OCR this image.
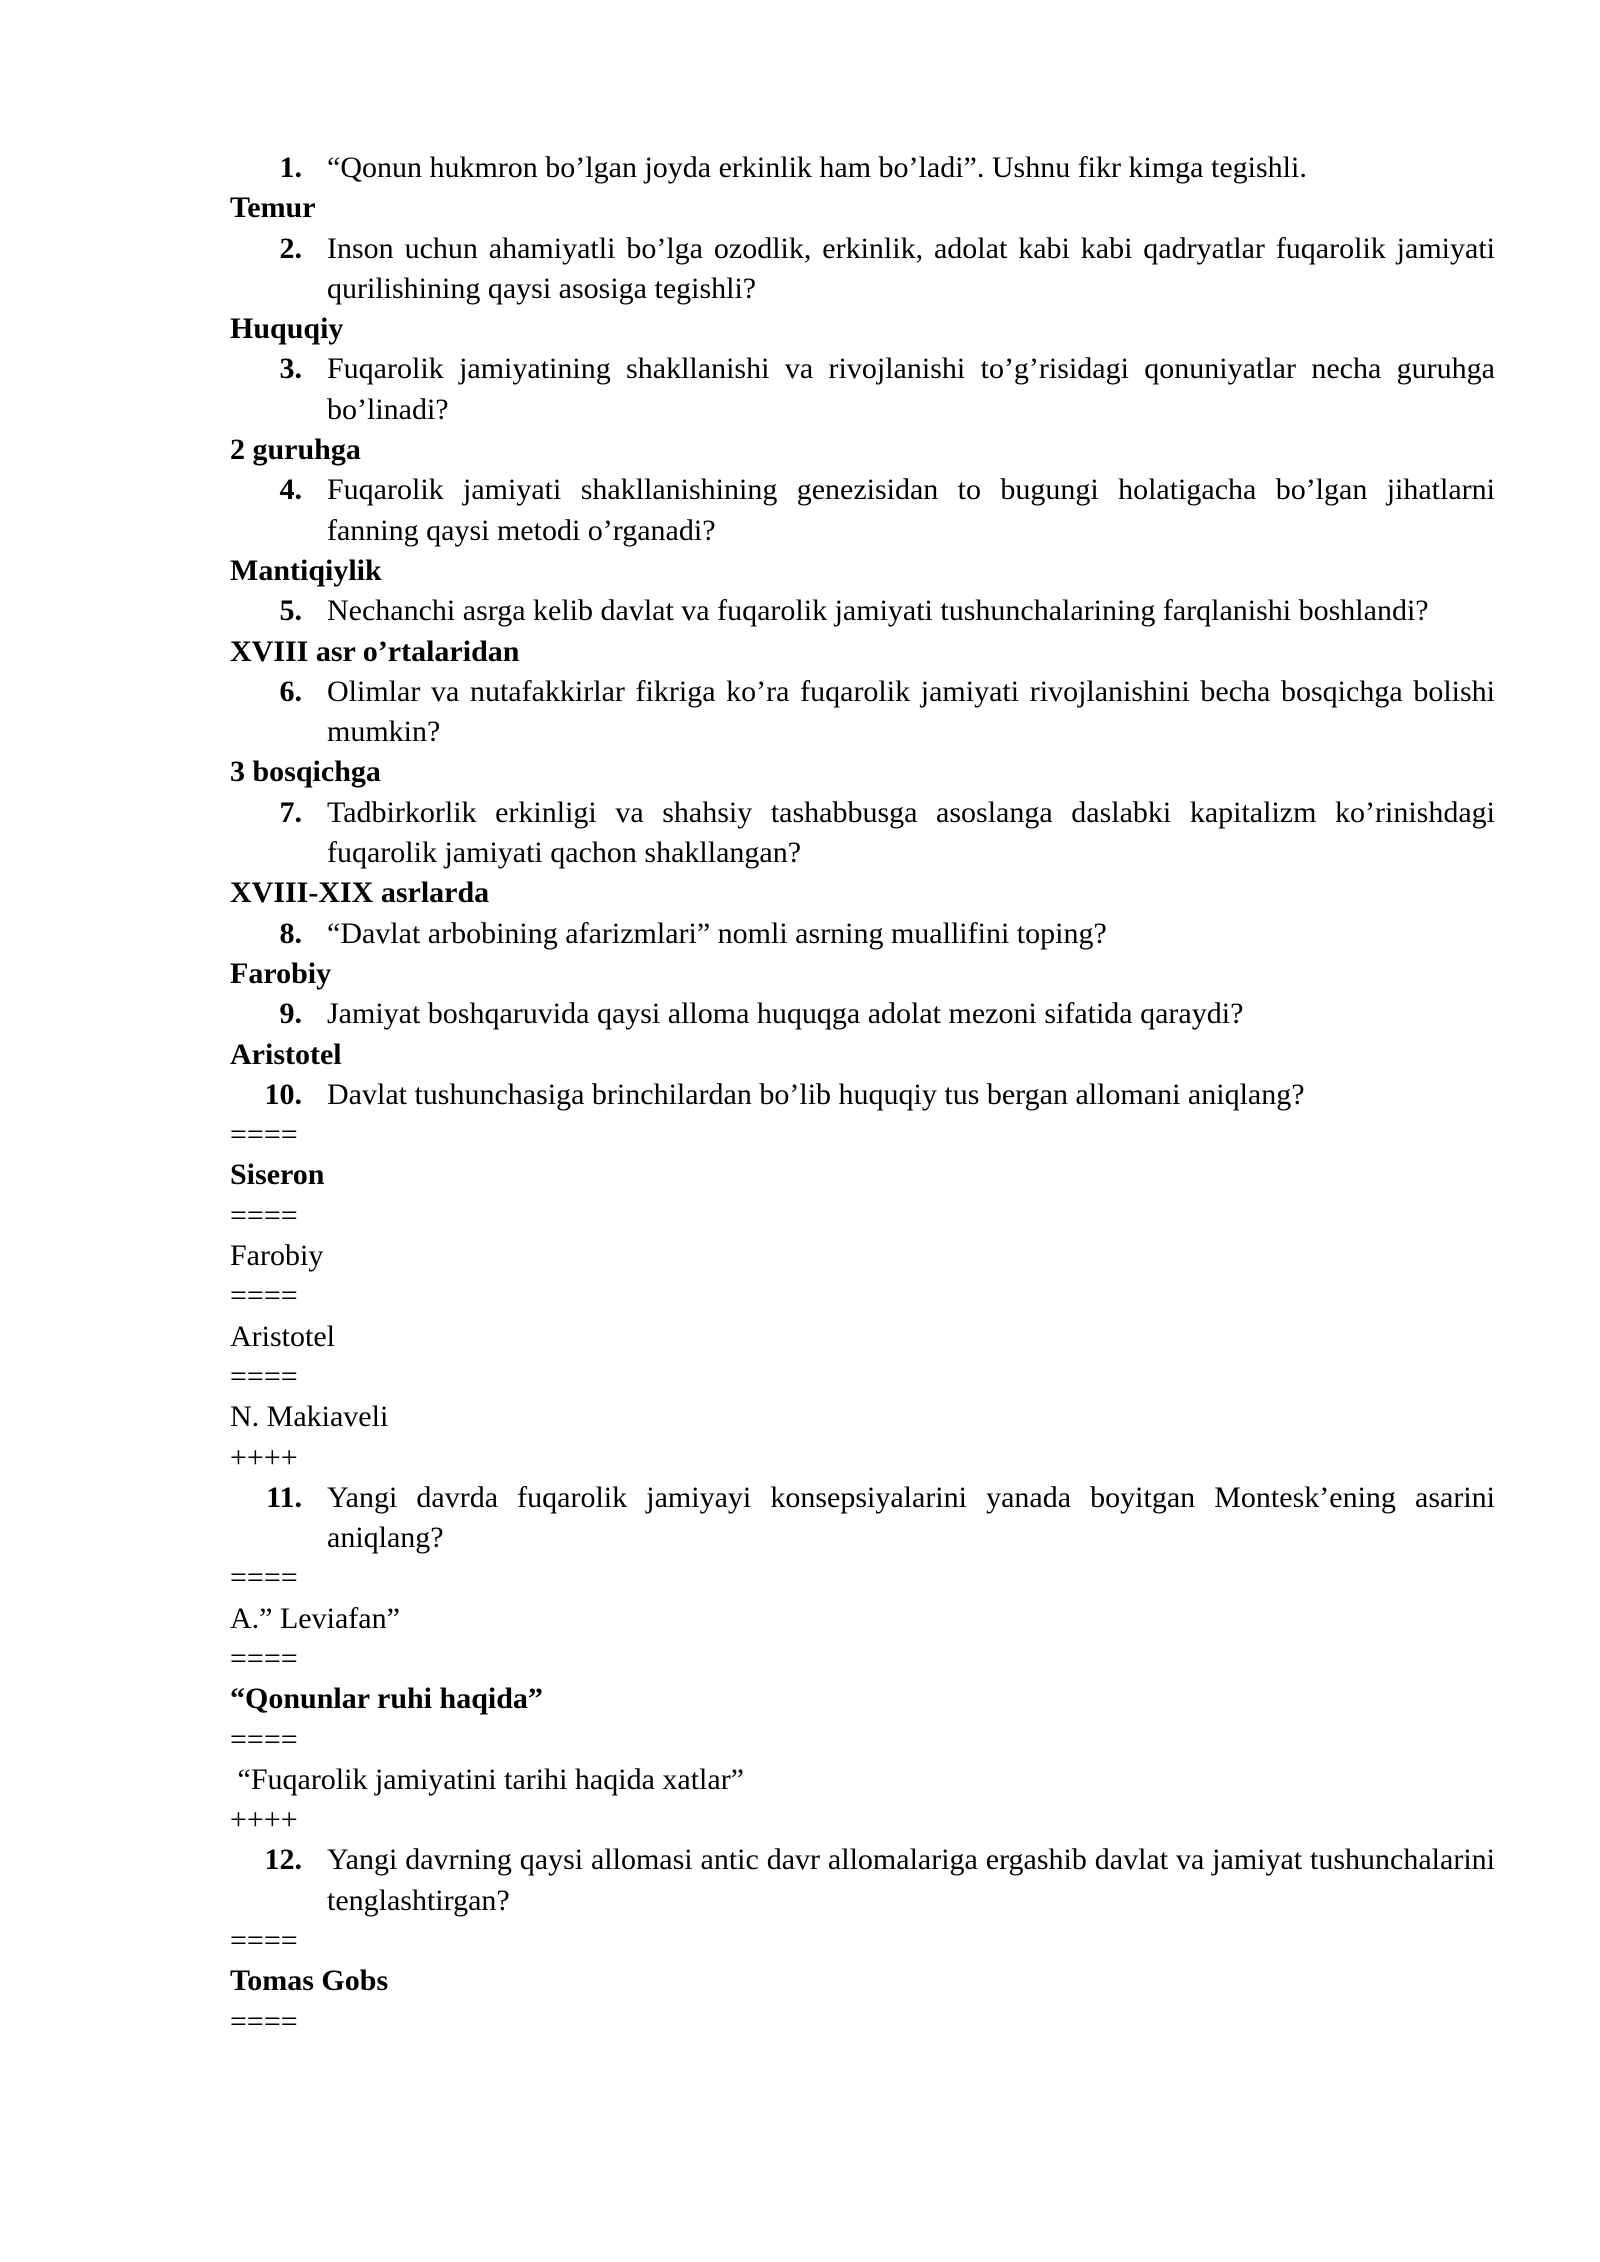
1. “Qonun hukmron bo’lgan joyda erkinlik ham bo’ladi”. Ushnu fikr kimga tegishli.
Temur
2. Inson uchun ahamiyatli bo’lga ozodlik, erkinlik, adolat kabi kabi qadryatlar fuqarolik jamiyati qurilishining qaysi asosiga tegishli?
Huquqiy
3. Fuqarolik jamiyatining shakllanishi va rivojlanishi to’g’risidagi qonuniyatlar necha guruhga bo’linadi?
2 guruhga
4. Fuqarolik jamiyati shakllanishining genezisidan to bugungi holatigacha bo’lgan jihatlarni fanning qaysi metodi o’rganadi?
Mantiqiylik
5. Nechanchi asrga kelib davlat va fuqarolik jamiyati tushunchalarining farqlanishi boshlandi?
XVIII asr o’rtalaridan
6. Olimlar va nutafakkirlar fikriga ko’ra fuqarolik jamiyati rivojlanishini becha bosqichga bolishi mumkin?
3 bosqichga
7. Tadbirkorlik erkinligi va shahsiy tashabbusga asoslanga daslabki kapitalizm ko’rinishdagi fuqarolik jamiyati qachon shakllangan?
XVIII-XIX asrlarda
8. “Davlat arbobining afarizmlari” nomli asrning muallifini toping?
Farobiy
9. Jamiyat boshqaruvida qaysi alloma huquqga adolat mezoni sifatida qaraydi?
Aristotel
10. Davlat tushunchasiga brinchilardan bo’lib huquqiy tus bergan allomani aniqlang?
====
Siseron
====
Farobiy
====
Aristotel
====
N. Makiaveli
++++
11. Yangi davrda fuqarolik jamiyayi konsepsiyalarini yanada boyitgan Montesk’ening asarini aniqlang?
====
A.” Leviafan”
====
“Qonunlar ruhi haqida”
====
“Fuqarolik jamiyatini tarihi haqida xatlar”
++++
12. Yangi davrning qaysi allomasi antic davr allomalariga ergashib davlat va jamiyat tushunchalarini tenglashtirgan?
====
Tomas Gobs
====
